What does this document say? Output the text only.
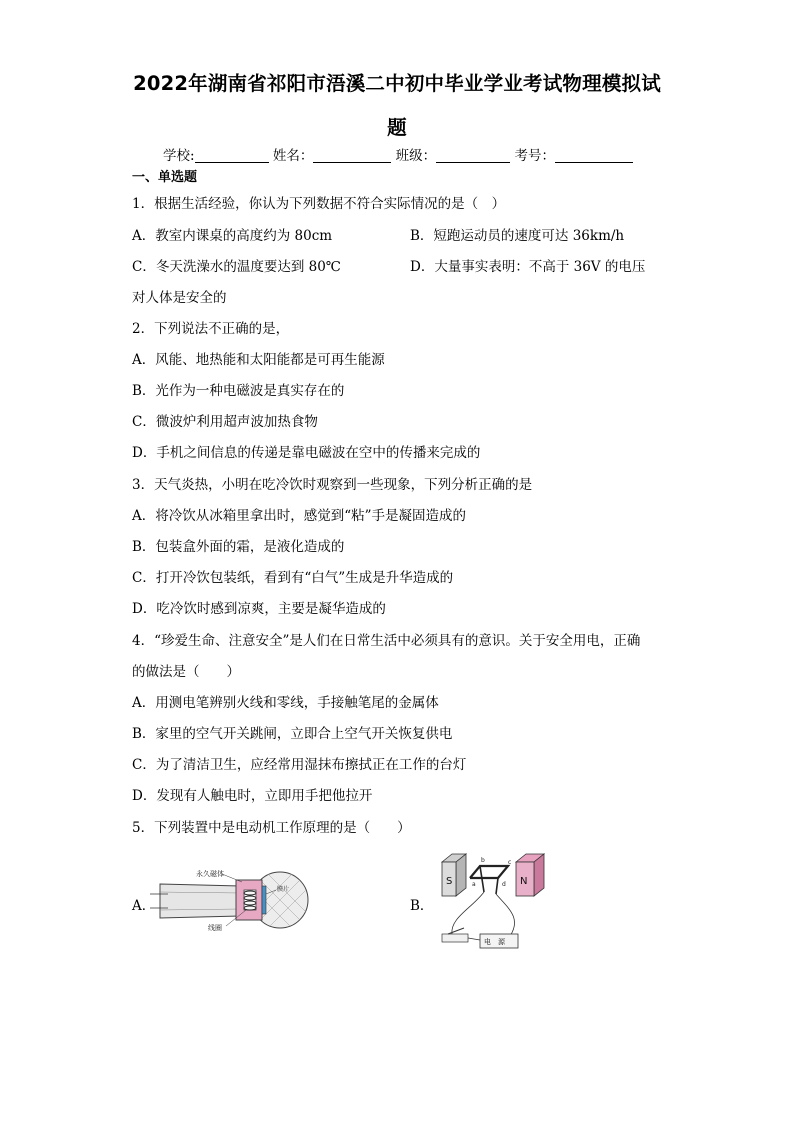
2022年湖南省祁阳市浯溪二中初中毕业学业考试物理模拟试
题
学校:	姓名：	班级：	考号：
一、单选题
1．根据生活经验，你认为下列数据不符合实际情况的是（　）
A．教室内课桌的高度约为 80cm	B．短跑运动员的速度可达 36km/h
C．冬天洗澡水的温度要达到 80℃	D．大量事实表明：不高于 36V 的电压
对人体是安全的
2．下列说法不正确的是，
A．风能、地热能和太阳能都是可再生能源
B．光作为一种电磁波是真实存在的
C．微波炉利用超声波加热食物
D．手机之间信息的传递是靠电磁波在空中的传播来完成的
3．天气炎热，小明在吃冷饮时观察到一些现象，下列分析正确的是
A．将冷饮从冰箱里拿出时，感觉到“粘”手是凝固造成的
B．包装盒外面的霜，是液化造成的
C．打开冷饮包装纸，看到有“白气”生成是升华造成的
D．吃冷饮时感到凉爽，主要是凝华造成的
4．“珍爱生命、注意安全”是人们在日常生活中必须具有的意识。关于安全用电，正确
的做法是（　　）
A．用测电笔辨别火线和零线，手接触笔尾的金属体
B．家里的空气开关跳闸，立即合上空气开关恢复供电
C．为了清洁卫生，应经常用湿抹布擦拭正在工作的台灯
D．发现有人触电时，立即用手把他拉开
5．下列装置中是电动机工作原理的是（　　）
A．	B．
永久磁体
膜片
线圈
S	N
b	c
a	d
电　源
